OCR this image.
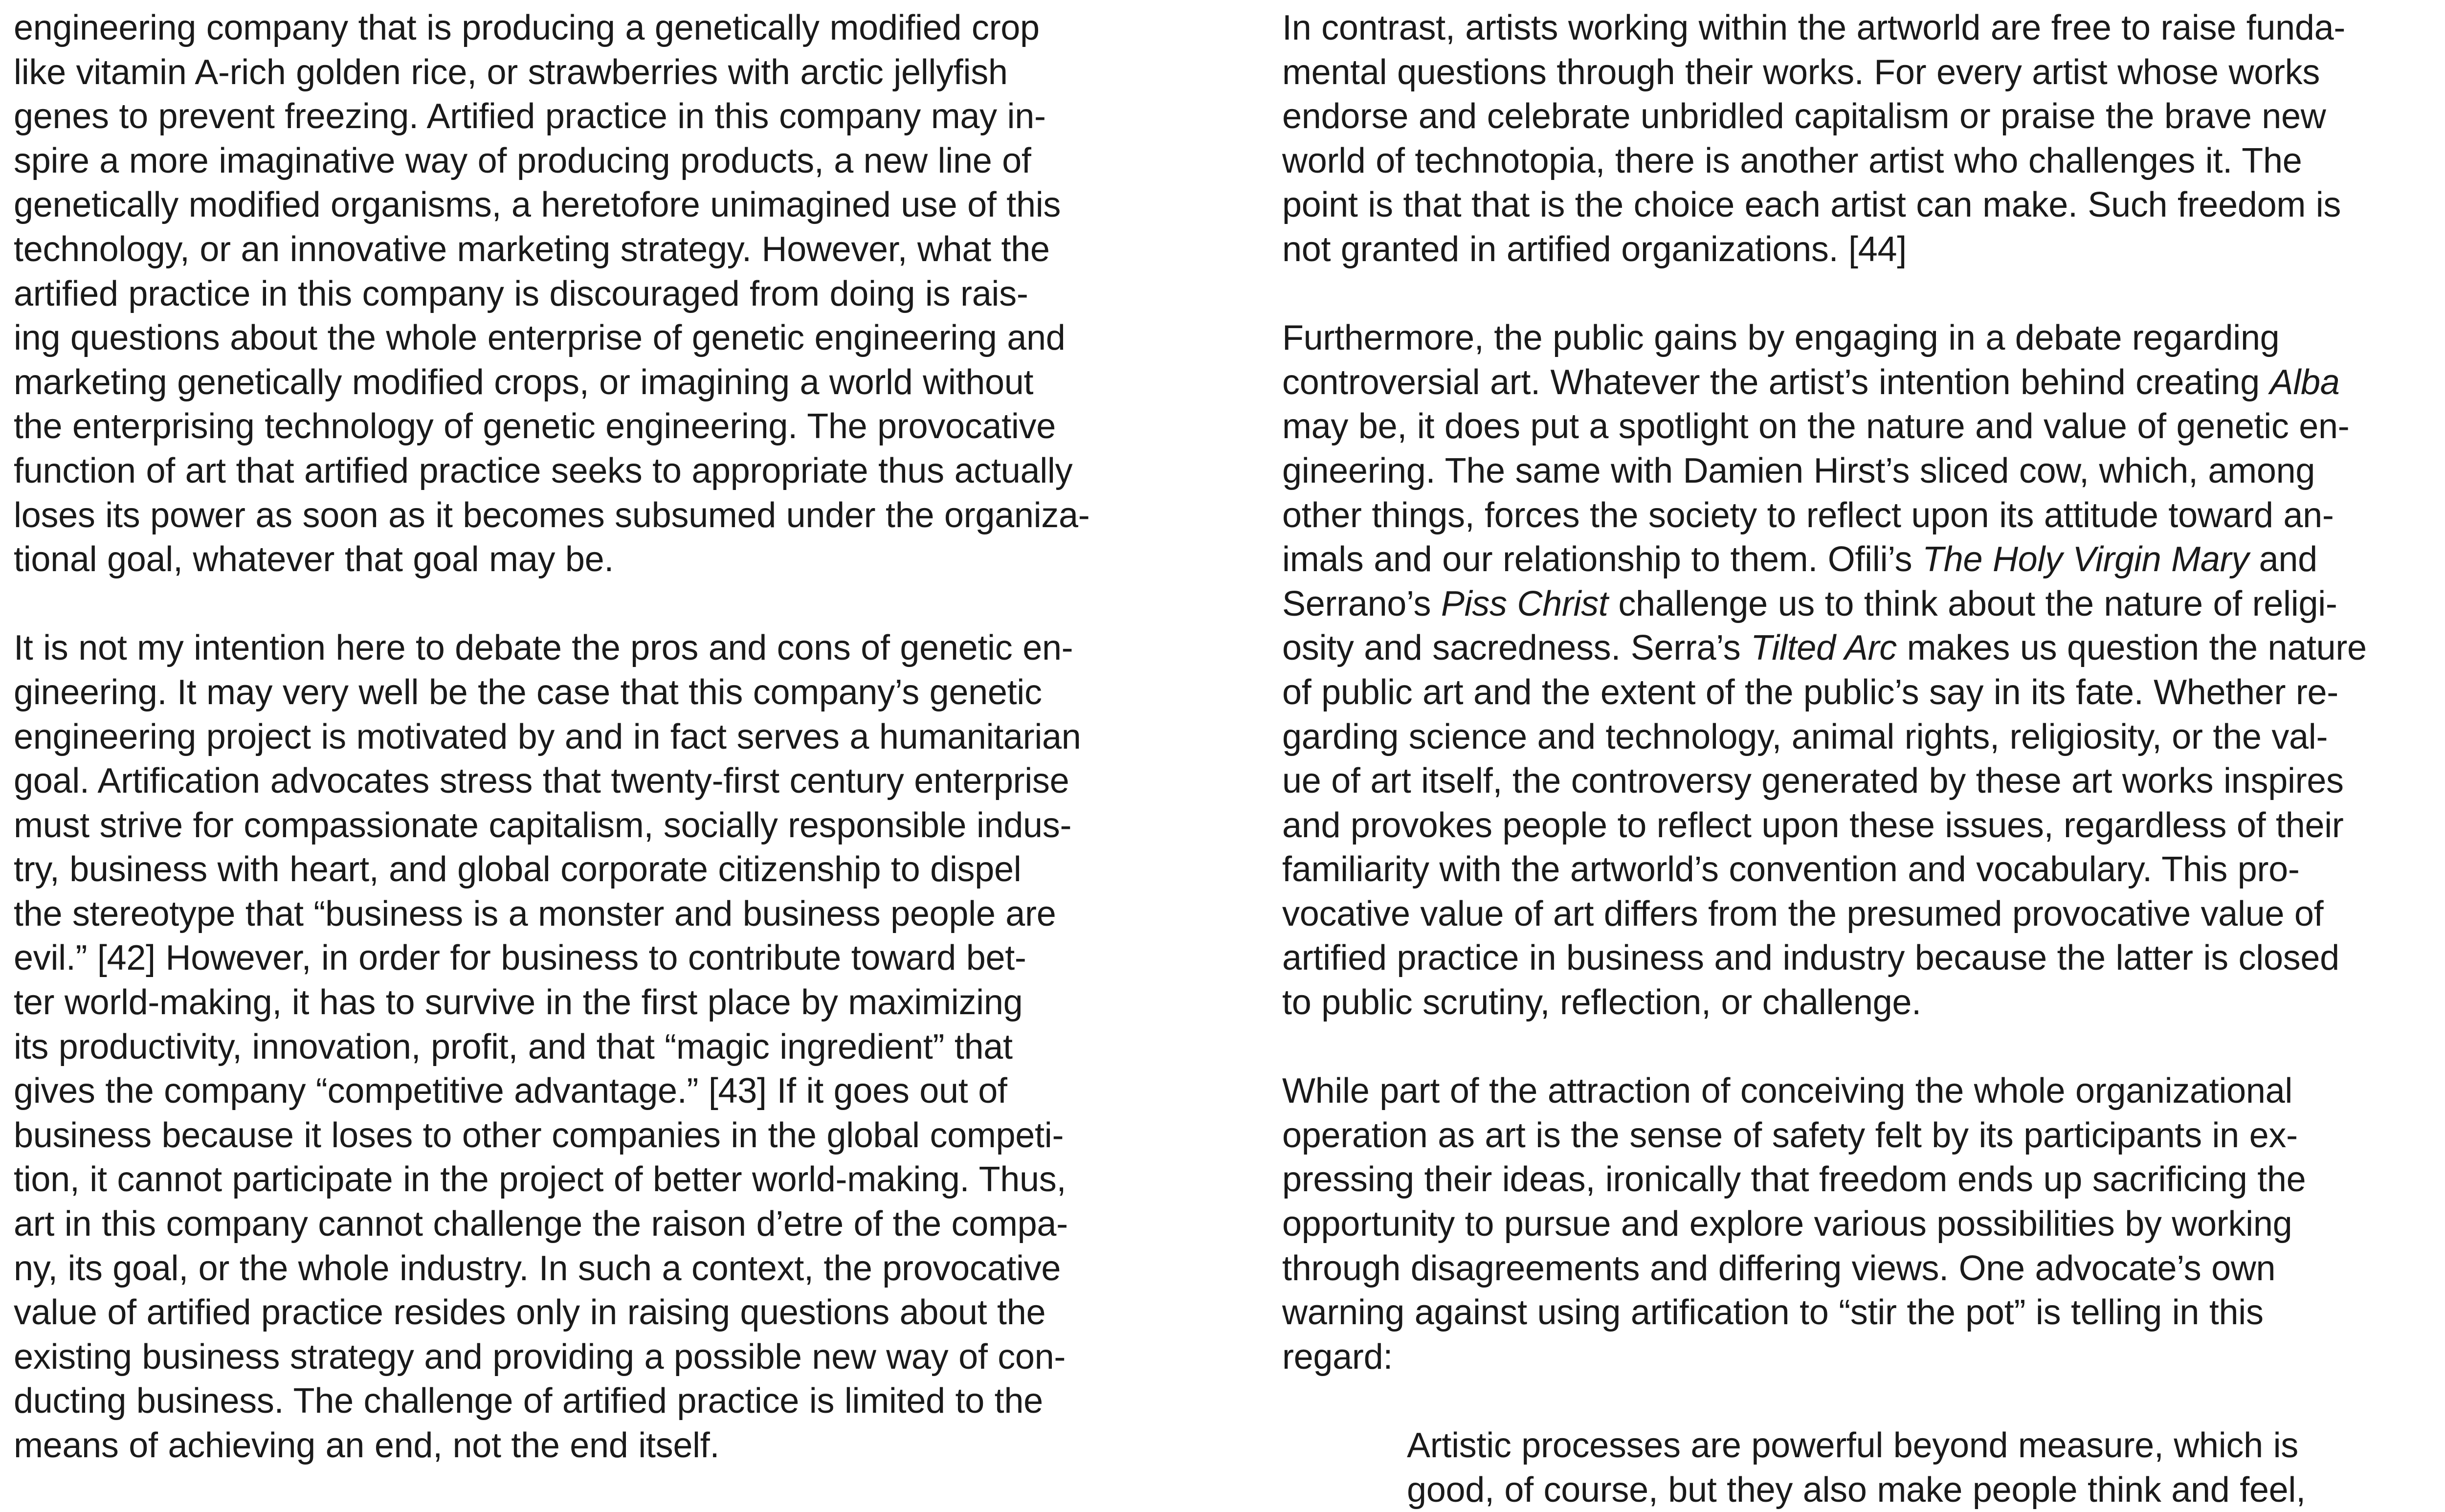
engineering company that is producing a genetically modified crop
like vitamin A-rich golden rice, or strawberries with arctic jellyfish
genes to prevent freezing. Artified practice in this company may in-
spire a more imaginative way of producing products, a new line of
genetically modified organisms, a heretofore unimagined use of this
technology, or an innovative marketing strategy. However, what the
artified practice in this company is discouraged from doing is rais-
ing questions about the whole enterprise of genetic engineering and
marketing genetically modified crops, or imagining a world without
the enterprising technology of genetic engineering. The provocative
function of art that artified practice seeks to appropriate thus actually
loses its power as soon as it becomes subsumed under the organiza-
tional goal, whatever that goal may be.

It is not my intention here to debate the pros and cons of genetic en-
gineering. It may very well be the case that this company’s genetic
engineering project is motivated by and in fact serves a humanitarian
goal. Artification advocates stress that twenty-first century enterprise
must strive for compassionate capitalism, socially responsible indus-
try, business with heart, and global corporate citizenship to dispel
the stereotype that “business is a monster and business people are
evil.” [42] However, in order for business to contribute toward bet-
ter world-making, it has to survive in the first place by maximizing
its productivity, innovation, profit, and that “magic ingredient” that
gives the company “competitive advantage.” [43] If it goes out of
business because it loses to other companies in the global competi-
tion, it cannot participate in the project of better world-making. Thus,
art in this company cannot challenge the raison d’etre of the compa-
ny, its goal, or the whole industry. In such a context, the provocative
value of artified practice resides only in raising questions about the
existing business strategy and providing a possible new way of con-
ducting business. The challenge of artified practice is limited to the
means of achieving an end, not the end itself.

In contrast, artists working within the artworld are free to raise funda-
mental questions through their works. For every artist whose works
endorse and celebrate unbridled capitalism or praise the brave new
world of technotopia, there is another artist who challenges it. The
point is that that is the choice each artist can make. Such freedom is
not granted in artified organizations. [44]

Furthermore, the public gains by engaging in a debate regarding
controversial art. Whatever the artist’s intention behind creating Alba
may be, it does put a spotlight on the nature and value of genetic en-
gineering. The same with Damien Hirst’s sliced cow, which, among
other things, forces the society to reflect upon its attitude toward an-
imals and our relationship to them. Ofili’s The Holy Virgin Mary and
Serrano’s Piss Christ challenge us to think about the nature of religi-
osity and sacredness. Serra’s Tilted Arc makes us question the nature
of public art and the extent of the public’s say in its fate. Whether re-
garding science and technology, animal rights, religiosity, or the val-
ue of art itself, the controversy generated by these art works inspires
and provokes people to reflect upon these issues, regardless of their
familiarity with the artworld’s convention and vocabulary. This pro-
vocative value of art differs from the presumed provocative value of
artified practice in business and industry because the latter is closed
to public scrutiny, reflection, or challenge.

While part of the attraction of conceiving the whole organizational
operation as art is the sense of safety felt by its participants in ex-
pressing their ideas, ironically that freedom ends up sacrificing the
opportunity to pursue and explore various possibilities by working
through disagreements and differing views. One advocate’s own
warning against using artification to “stir the pot” is telling in this
regard:

Artistic processes are powerful beyond measure, which is
good, of course, but they also make people think and feel,
